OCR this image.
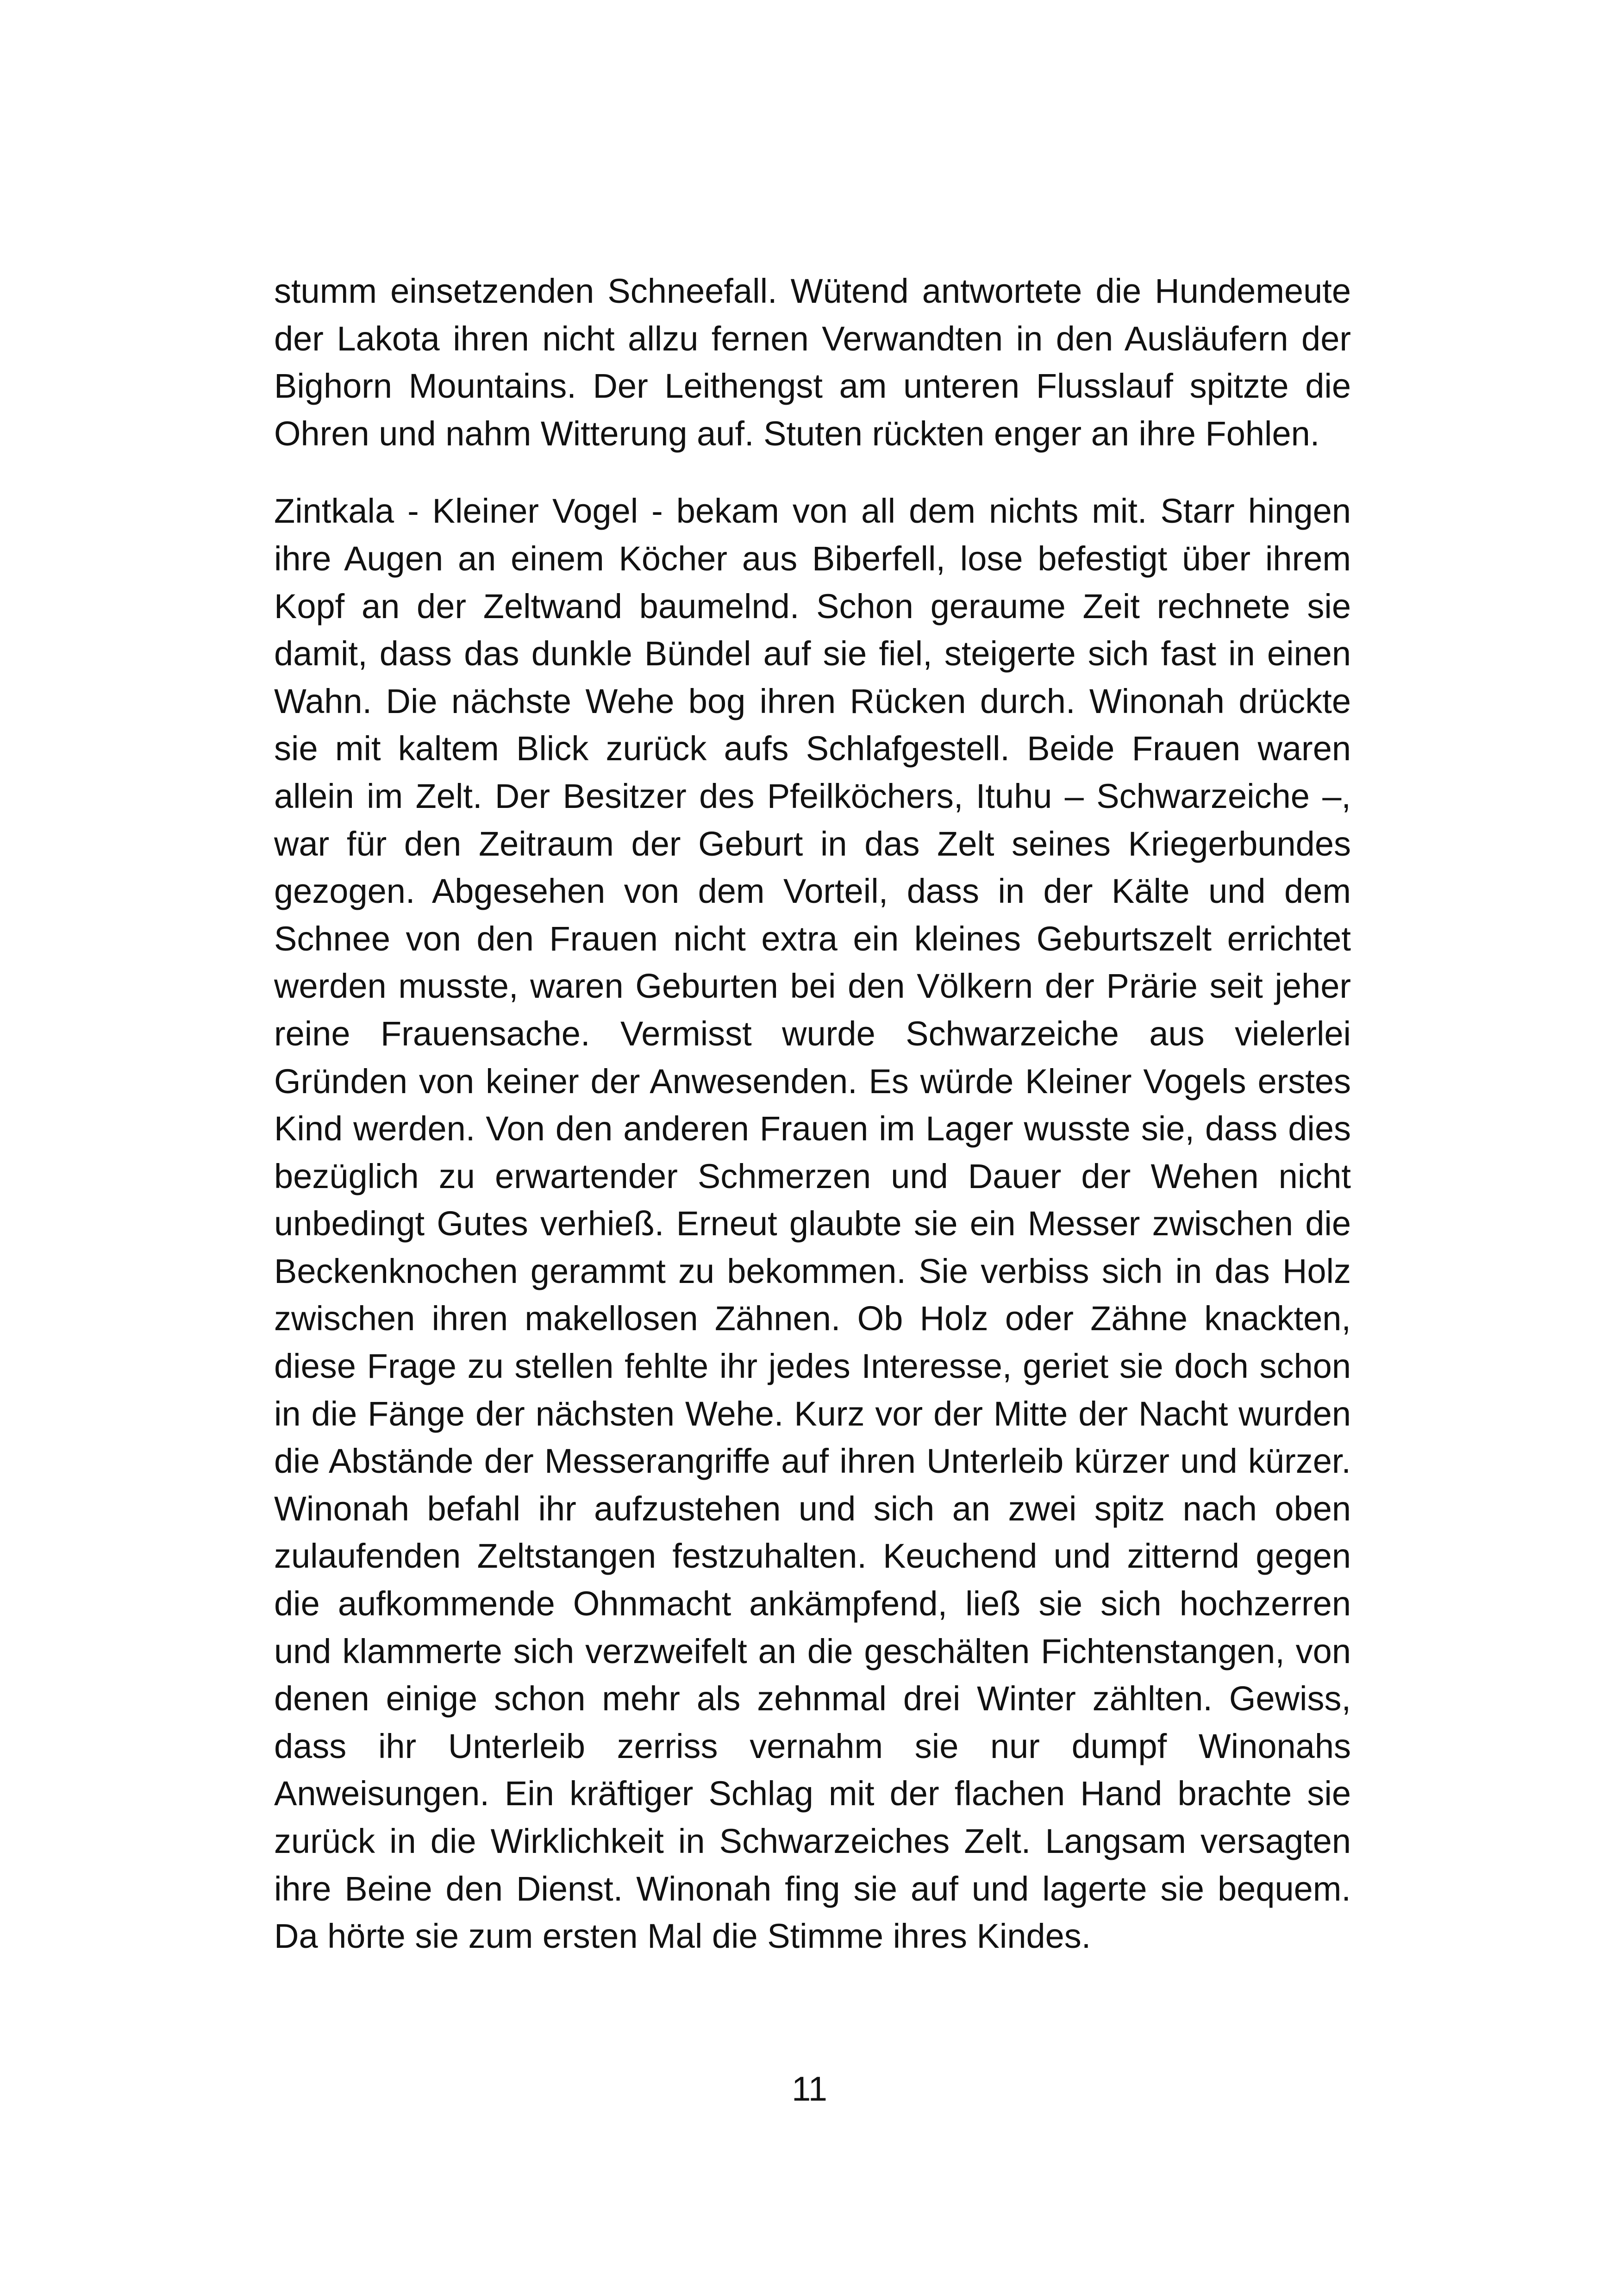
stumm einsetzenden Schneefall. Wütend antwortete die Hundemeute der Lakota ihren nicht allzu fernen Verwandten in den Ausläufern der Bighorn Mountains. Der Leithengst am unteren Flusslauf spitzte die Ohren und nahm Witterung auf. Stuten rückten enger an ihre Fohlen.

Zintkala - Kleiner Vogel - bekam von all dem nichts mit. Starr hingen ihre Augen an einem Köcher aus Biberfell, lose befestigt über ihrem Kopf an der Zeltwand baumelnd. Schon geraume Zeit rechnete sie damit, dass das dunkle Bündel auf sie fiel, steigerte sich fast in einen Wahn. Die nächste Wehe bog ihren Rücken durch. Winonah drückte sie mit kaltem Blick zurück aufs Schlafgestell. Beide Frauen waren allein im Zelt. Der Besitzer des Pfeilköchers, Ituhu – Schwarzeiche –, war für den Zeitraum der Geburt in das Zelt seines Kriegerbundes gezogen. Abgesehen von dem Vorteil, dass in der Kälte und dem Schnee von den Frauen nicht extra ein kleines Geburtszelt errichtet werden musste, waren Geburten bei den Völkern der Prärie seit jeher reine Frauensache. Vermisst wurde Schwarzeiche aus vielerlei Gründen von keiner der Anwesenden. Es würde Kleiner Vogels erstes Kind werden. Von den anderen Frauen im Lager wusste sie, dass dies bezüglich zu erwartender Schmerzen und Dauer der Wehen nicht unbedingt Gutes verhieß. Erneut glaubte sie ein Messer zwischen die Beckenknochen gerammt zu bekommen. Sie verbiss sich in das Holz zwischen ihren makellosen Zähnen. Ob Holz oder Zähne knackten, diese Frage zu stellen fehlte ihr jedes Interesse, geriet sie doch schon in die Fänge der nächsten Wehe. Kurz vor der Mitte der Nacht wurden die Abstände der Messerangriffe auf ihren Unterleib kürzer und kürzer. Winonah befahl ihr aufzustehen und sich an zwei spitz nach oben zulaufenden Zeltstangen festzuhalten. Keuchend und zitternd gegen die aufkommende Ohnmacht ankämpfend, ließ sie sich hochzerren und klammerte sich verzweifelt an die geschälten Fichtenstangen, von denen einige schon mehr als zehnmal drei Winter zählten. Gewiss, dass ihr Unterleib zerriss vernahm sie nur dumpf Winonahs Anweisungen. Ein kräftiger Schlag mit der flachen Hand brachte sie zurück in die Wirklichkeit in Schwarzeiches Zelt. Langsam versagten ihre Beine den Dienst. Winonah fing sie auf und lagerte sie bequem. Da hörte sie zum ersten Mal die Stimme ihres Kindes.

11
